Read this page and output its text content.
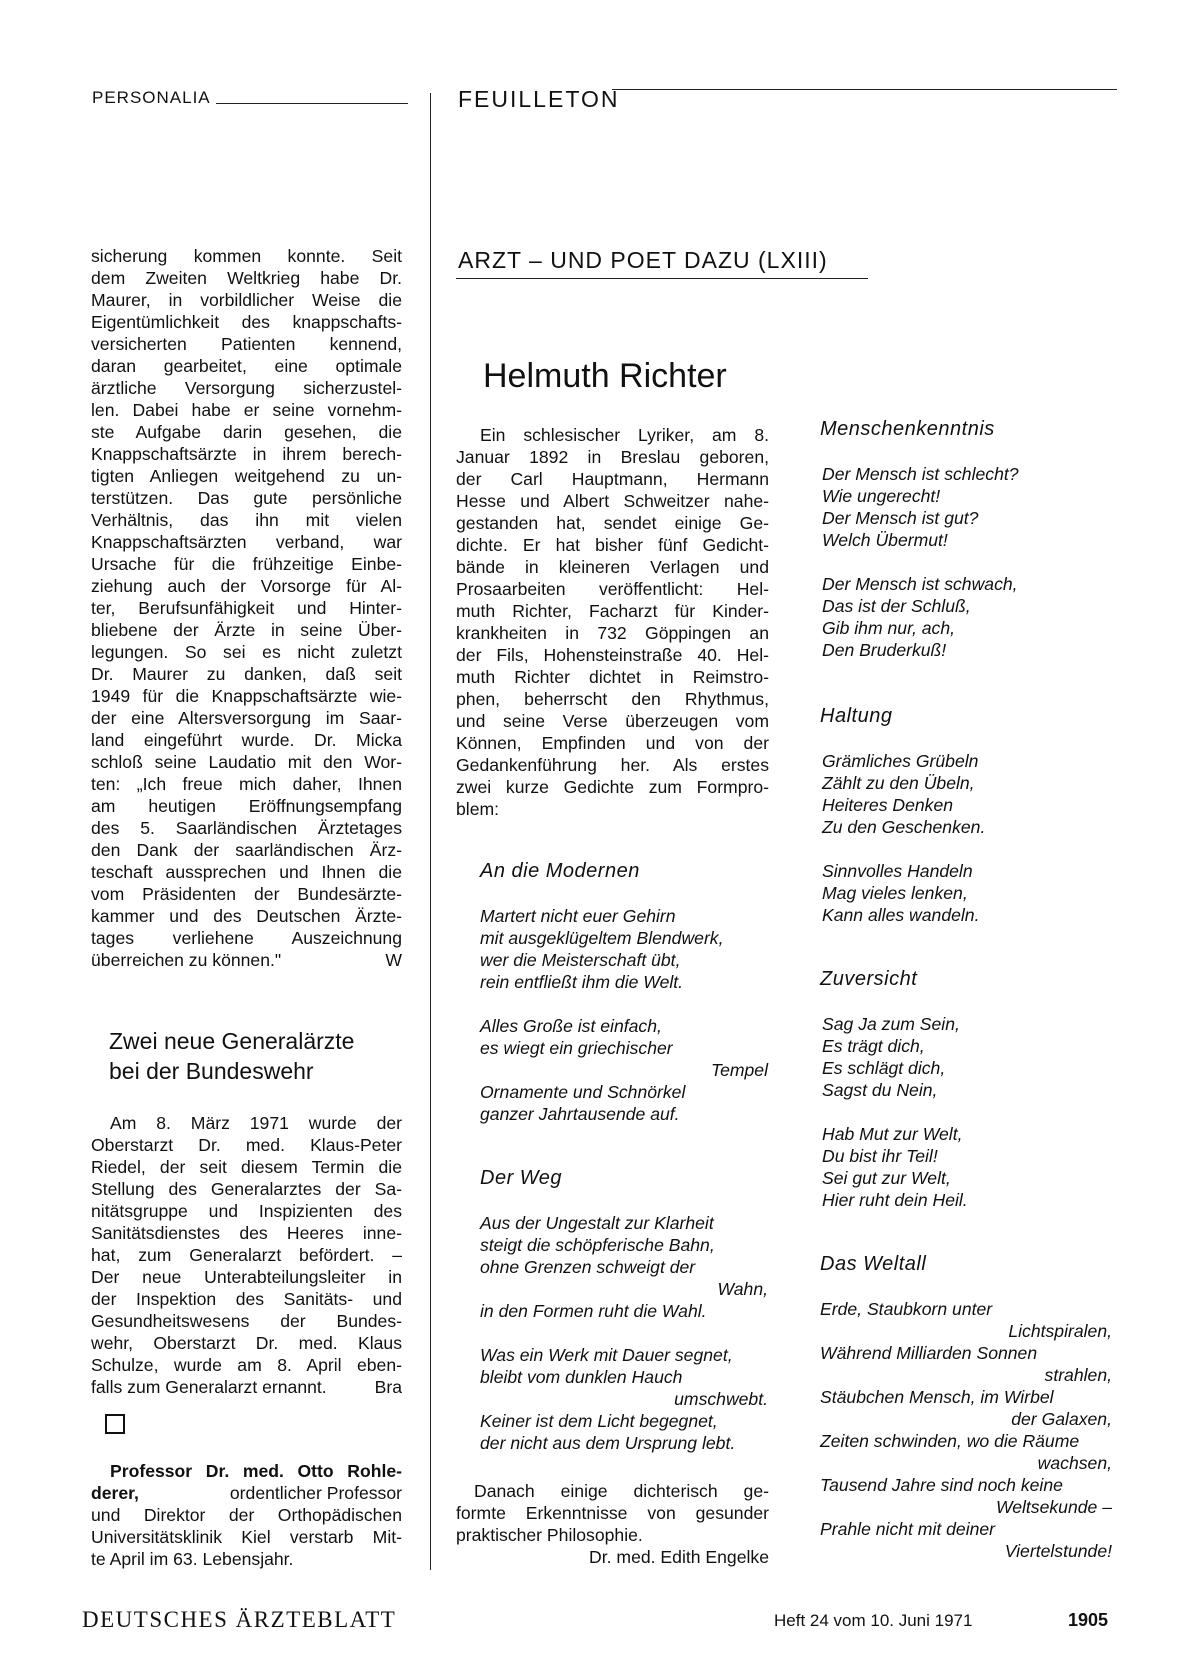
PERSONALIA	FEUILLETON
sicherung kommen konnte. Seit
dem Zweiten Weltkrieg habe Dr.
Maurer, in vorbildlicher Weise die
Eigentümlichkeit des knappschafts-
versicherten Patienten kennend,
daran gearbeitet, eine optimale
ärztliche Versorgung sicherzustel-
len. Dabei habe er seine vornehm-
ste Aufgabe darin gesehen, die
Knappschaftsärzte in ihrem berech-
tigten Anliegen weitgehend zu un-
terstützen. Das gute persönliche
Verhältnis, das ihn mit vielen
Knappschaftsärzten verband, war
Ursache für die frühzeitige Einbe-
ziehung auch der Vorsorge für Al-
ter, Berufsunfähigkeit und Hinter-
bliebene der Ärzte in seine Über-
legungen. So sei es nicht zuletzt
Dr. Maurer zu danken, daß seit
1949 für die Knappschaftsärzte wie-
der eine Altersversorgung im Saar-
land eingeführt wurde. Dr. Micka
schloß seine Laudatio mit den Wor-
ten: „Ich freue mich daher, Ihnen
am heutigen Eröffnungsempfang
des 5. Saarländischen Ärztetages
den Dank der saarländischen Ärz-
teschaft aussprechen und Ihnen die
vom Präsidenten der Bundesärzte-
kammer und des Deutschen Ärzte-
tages verliehene Auszeichnung
überreichen zu können."	W
Zwei neue Generalärzte
bei der Bundeswehr
Am 8. März 1971 wurde der
Oberstarzt Dr. med. Klaus-Peter
Riedel, der seit diesem Termin die
Stellung des Generalarztes der Sa-
nitätsgruppe und Inspizienten des
Sanitätsdienstes des Heeres inne-
hat, zum Generalarzt befördert. –
Der neue Unterabteilungsleiter in
der Inspektion des Sanitäts- und
Gesundheitswesens der Bundes-
wehr, Oberstarzt Dr. med. Klaus
Schulze, wurde am 8. April eben-
falls zum Generalarzt ernannt.	Bra
Professor Dr. med. Otto Rohle-
derer,	ordentlicher Professor
und Direktor der Orthopädischen
Universitätsklinik Kiel verstarb Mit-
te April im 63. Lebensjahr.
ARZT – UND POET DAZU (LXIII)
Helmuth Richter
Ein schlesischer Lyriker, am 8.
Januar 1892 in Breslau geboren,
der Carl Hauptmann, Hermann
Hesse und Albert Schweitzer nahe-
gestanden hat, sendet einige Ge-
dichte. Er hat bisher fünf Gedicht-
bände in kleineren Verlagen und
Prosaarbeiten veröffentlicht: Hel-
muth Richter, Facharzt für Kinder-
krankheiten in 732 Göppingen an
der Fils, Hohensteinstraße 40. Hel-
muth Richter dichtet in Reimstro-
phen, beherrscht den Rhythmus,
und seine Verse überzeugen vom
Können, Empfinden und von der
Gedankenführung her. Als erstes
zwei kurze Gedichte zum Formpro-
blem:
An die Modernen
Martert nicht euer Gehirn
mit ausgeklügeltem Blendwerk,
wer die Meisterschaft übt,
rein entfließt ihm die Welt.
Alles Große ist einfach,
es wiegt ein griechischer
Tempel
Ornamente und Schnörkel
ganzer Jahrtausende auf.
Der Weg
Aus der Ungestalt zur Klarheit
steigt die schöpferische Bahn,
ohne Grenzen schweigt der
Wahn,
in den Formen ruht die Wahl.
Was ein Werk mit Dauer segnet,
bleibt vom dunklen Hauch
umschwebt.
Keiner ist dem Licht begegnet,
der nicht aus dem Ursprung lebt.
Danach einige dichterisch ge-
formte Erkenntnisse von gesunder
praktischer Philosophie.
Dr. med. Edith Engelke
Menschenkenntnis
Der Mensch ist schlecht?
Wie ungerecht!
Der Mensch ist gut?
Welch Übermut!
Der Mensch ist schwach,
Das ist der Schluß,
Gib ihm nur, ach,
Den Bruderkuß!
Haltung
Grämliches Grübeln
Zählt zu den Übeln,
Heiteres Denken
Zu den Geschenken.
Sinnvolles Handeln
Mag vieles lenken,
Kann alles wandeln.
Zuversicht
Sag Ja zum Sein,
Es trägt dich,
Es schlägt dich,
Sagst du Nein,
Hab Mut zur Welt,
Du bist ihr Teil!
Sei gut zur Welt,
Hier ruht dein Heil.
Das Weltall
Erde, Staubkorn unter
Lichtspiralen,
Während Milliarden Sonnen
strahlen,
Stäubchen Mensch, im Wirbel
der Galaxen,
Zeiten schwinden, wo die Räume
wachsen,
Tausend Jahre sind noch keine
Weltsekunde –
Prahle nicht mit deiner
Viertelstunde!
DEUTSCHES ÄRZTEBLATT	Heft 24 vom 10. Juni 1971	1905
